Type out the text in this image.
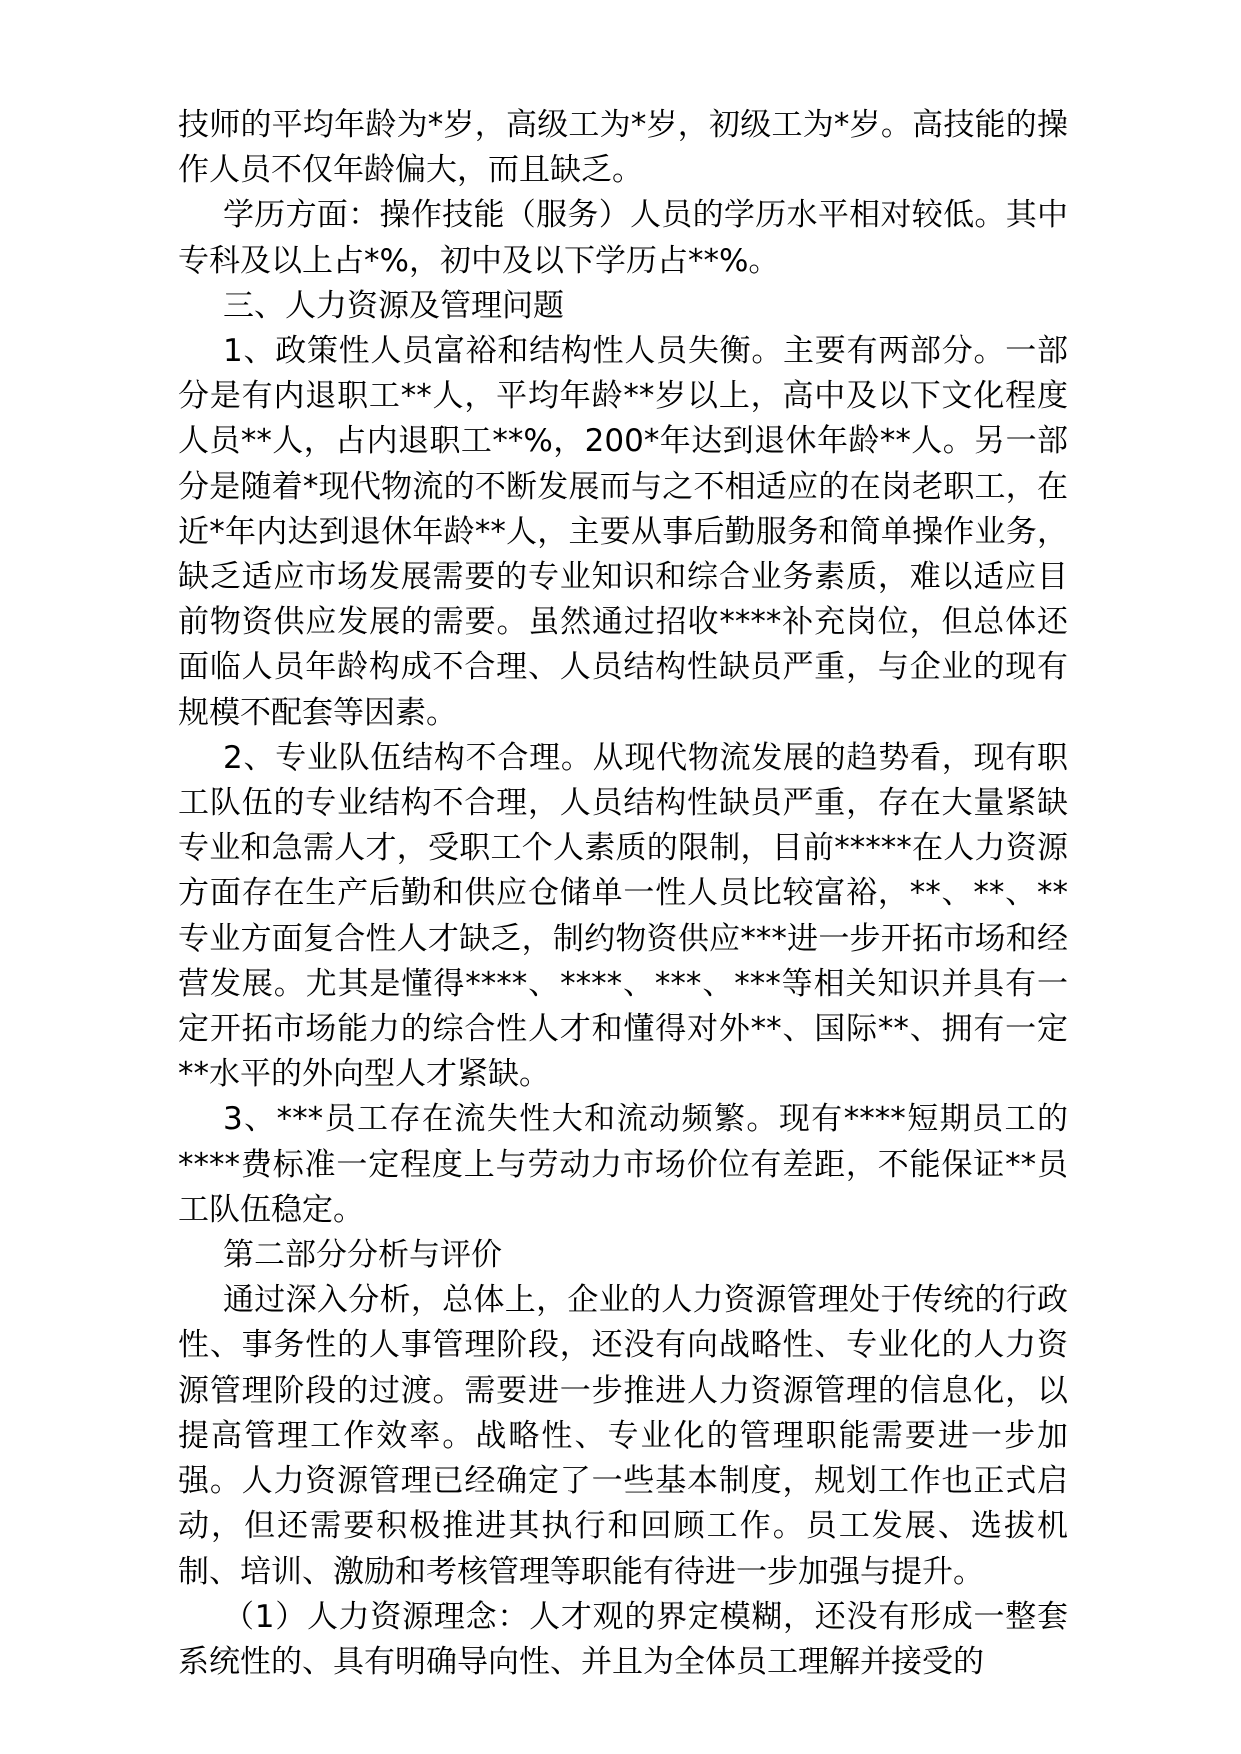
技师的平均年龄为*岁，高级工为*岁，初级工为*岁。高技能的操作人员不仅年龄偏大，而且缺乏。

学历方面：操作技能（服务）人员的学历水平相对较低。其中专科及以上占*%，初中及以下学历占**%。

三、人力资源及管理问题

1、政策性人员富裕和结构性人员失衡。主要有两部分。一部分是有内退职工**人，平均年龄**岁以上，高中及以下文化程度人员**人，占内退职工**%，200*年达到退休年龄**人。另一部分是随着*现代物流的不断发展而与之不相适应的在岗老职工，在近*年内达到退休年龄**人，主要从事后勤服务和简单操作业务，缺乏适应市场发展需要的专业知识和综合业务素质，难以适应目前物资供应发展的需要。虽然通过招收****补充岗位，但总体还面临人员年龄构成不合理、人员结构性缺员严重，与企业的现有规模不配套等因素。

2、专业队伍结构不合理。从现代物流发展的趋势看，现有职工队伍的专业结构不合理，人员结构性缺员严重，存在大量紧缺专业和急需人才，受职工个人素质的限制，目前*****在人力资源方面存在生产后勤和供应仓储单一性人员比较富裕，**、**、**专业方面复合性人才缺乏，制约物资供应***进一步开拓市场和经营发展。尤其是懂得****、****、***、***等相关知识并具有一定开拓市场能力的综合性人才和懂得对外**、国际**、拥有一定**水平的外向型人才紧缺。

3、***员工存在流失性大和流动频繁。现有****短期员工的****费标准一定程度上与劳动力市场价位有差距，不能保证**员工队伍稳定。

第二部分分析与评价

通过深入分析，总体上，企业的人力资源管理处于传统的行政性、事务性的人事管理阶段，还没有向战略性、专业化的人力资源管理阶段的过渡。需要进一步推进人力资源管理的信息化，以提高管理工作效率。战略性、专业化的管理职能需要进一步加强。人力资源管理已经确定了一些基本制度，规划工作也正式启动，但还需要积极推进其执行和回顾工作。员工发展、选拔机制、培训、激励和考核管理等职能有待进一步加强与提升。

（1）人力资源理念：人才观的界定模糊，还没有形成一整套系统性的、具有明确导向性、并且为全体员工理解并接受的
